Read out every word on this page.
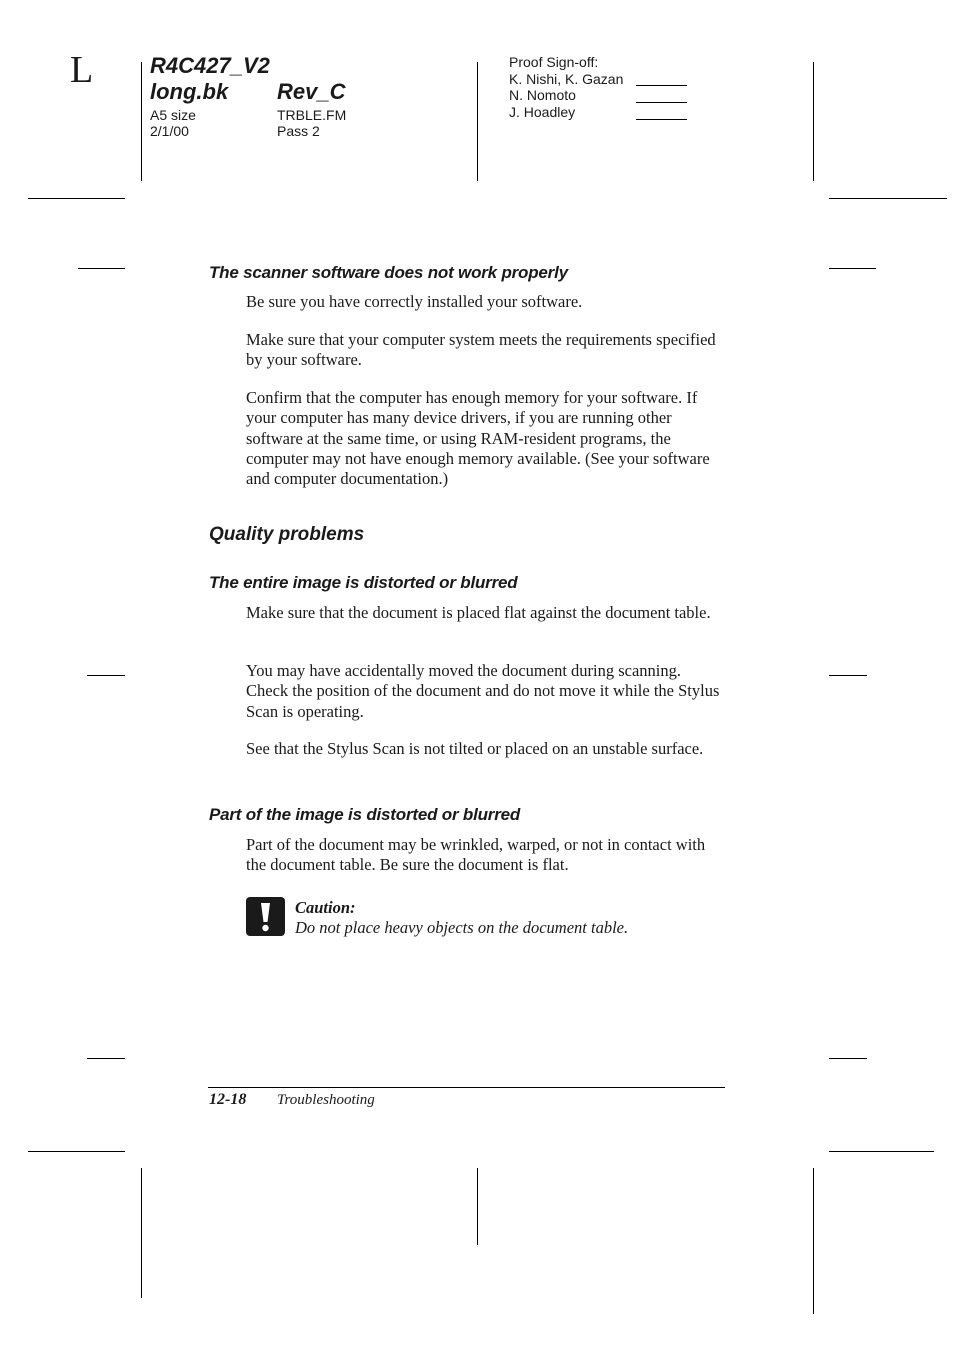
L	R4C427_V2
long.bk Rev_C
A5 size
2/1/00
TRBLE.FM
Pass 2
Proof Sign-off:
K. Nishi, K. Gazan
N. Nomoto
J. Hoadley
The scanner software does not work properly

Be sure you have correctly installed your software.

Make sure that your computer system meets the requirements specified by your software.

Confirm that the computer has enough memory for your software. If your computer has many device drivers, if you are running other software at the same time, or using RAM-resident programs, the computer may not have enough memory available. (See your software and computer documentation.)

Quality problems
The entire image is distorted or blurred

Make sure that the document is placed flat against the document table.

You may have accidentally moved the document during scanning. Check the position of the document and do not move it while the Stylus Scan is operating.

See that the Stylus Scan is not tilted or placed on an unstable surface.

Part of the image is distorted or blurred

Part of the document may be wrinkled, warped, or not in contact with the document table. Be sure the document is flat.

Caution:
Do not place heavy objects on the document table.
12-18 Troubleshooting
